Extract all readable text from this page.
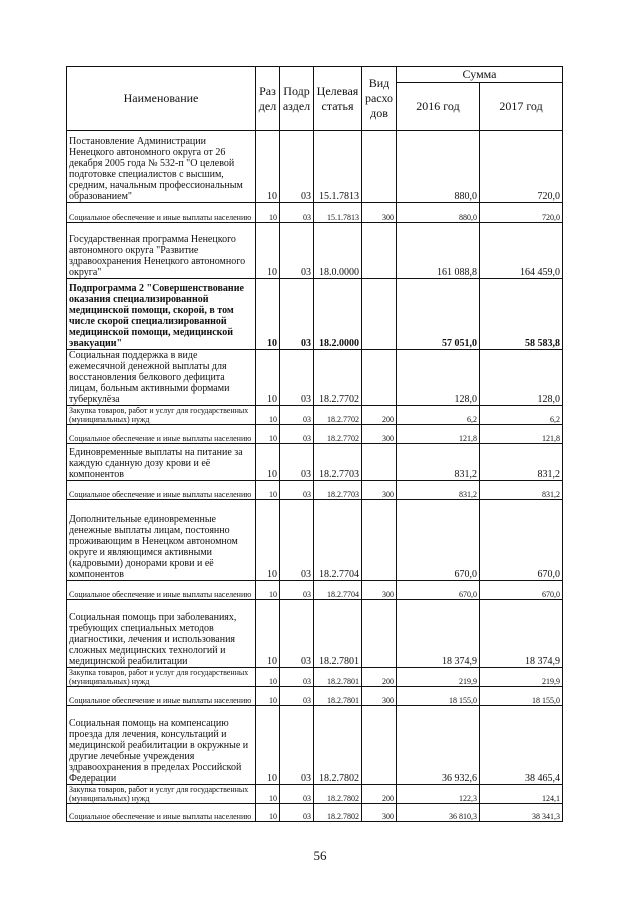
Наименование	Раз дел	Подр аздел	Целевая статья	Вид расхо дов	Сумма	
					2016 год	2017 год
Постановление Администрации Ненецкого автономного округа от 26 декабря 2005 года № 532-п "О целевой подготовке специалистов с высшим, средним, начальным профессиональным образованием"	10	03	15.1.7813		880,0	720,0
Социальное обеспечение и иные выплаты населению	10	03	15.1.7813	300	880,0	720,0
Государственная программа Ненецкого автономного округа "Развитие здравоохранения Ненецкого автономного округа"	10	03	18.0.0000		161 088,8	164 459,0
Подпрограмма 2 "Совершенствование оказания специализированной медицинской помощи, скорой, в том числе скорой специализированной медицинской помощи, медицинской эвакуации"	10	03	18.2.0000		57 051,0	58 583,8
Социальная поддержка в виде ежемесячной денежной выплаты для восстановления белкового дефицита лицам, больным активными формами туберкулёза	10	03	18.2.7702		128,0	128,0
Закупка товаров, работ и услуг для государственных (муниципальных) нужд	10	03	18.2.7702	200	6,2	6,2
Социальное обеспечение и иные выплаты населению	10	03	18.2.7702	300	121,8	121,8
Единовременные выплаты на питание за каждую сданную дозу крови и её компонентов	10	03	18.2.7703		831,2	831,2
Социальное обеспечение и иные выплаты населению	10	03	18.2.7703	300	831,2	831,2
Дополнительные единовременные денежные выплаты лицам, постоянно проживающим в Ненецком автономном округе и являющимся активными (кадровыми) донорами крови и её компонентов	10	03	18.2.7704		670,0	670,0
Социальное обеспечение и иные выплаты населению	10	03	18.2.7704	300	670,0	670,0
Социальная помощь при заболеваниях, требующих специальных методов диагностики, лечения и использования сложных медицинских технологий и медицинской реабилитации	10	03	18.2.7801		18 374,9	18 374,9
Закупка товаров, работ и услуг для государственных (муниципальных) нужд	10	03	18.2.7801	200	219,9	219,9
Социальное обеспечение и иные выплаты населению	10	03	18.2.7801	300	18 155,0	18 155,0
Социальная помощь на компенсацию проезда для лечения, консультаций и медицинской реабилитации в окружные и другие лечебные учреждения здравоохранения в пределах Российской Федерации	10	03	18.2.7802		36 932,6	38 465,4
Закупка товаров, работ и услуг для государственных (муниципальных) нужд	10	03	18.2.7802	200	122,3	124,1
Социальное обеспечение и иные выплаты населению	10	03	18.2.7802	300	36 810,3	38 341,3
56
